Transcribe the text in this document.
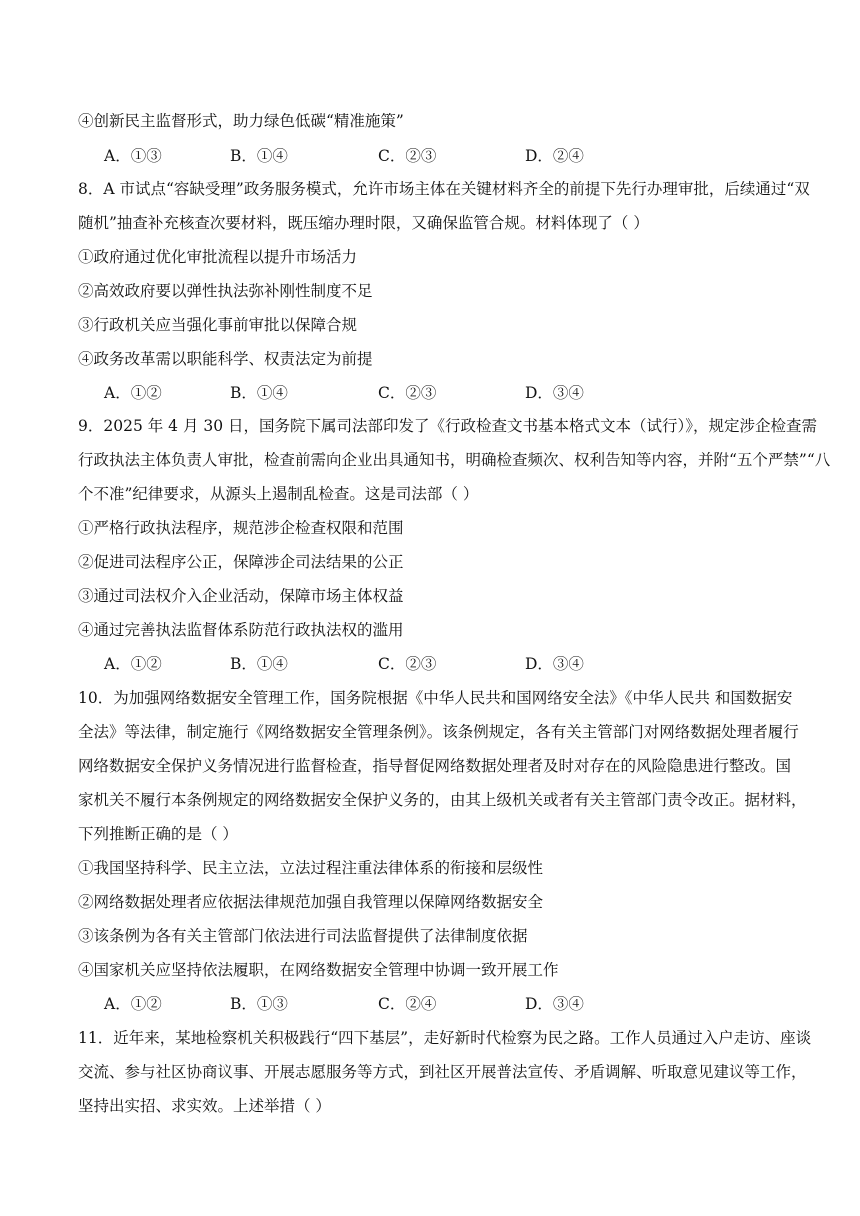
④创新民主监督形式，助力绿色低碳“精准施策”
A．①③	B．①④	C．②③	D．②④
8．A 市试点“容缺受理”政务服务模式，允许市场主体在关键材料齐全的前提下先行办理审批，后续通过“双
随机”抽查补充核查次要材料，既压缩办理时限，又确保监管合规。材料体现了（ ）
①政府通过优化审批流程以提升市场活力
②高效政府要以弹性执法弥补刚性制度不足
③行政机关应当强化事前审批以保障合规
④政务改革需以职能科学、权责法定为前提
A．①②	B．①④	C．②③	D．③④
9．2025 年 4 月 30 日，国务院下属司法部印发了《行政检查文书基本格式文本（试行）》，规定涉企检查需
行政执法主体负责人审批，检查前需向企业出具通知书，明确检查频次、权利告知等内容，并附“五个严禁”“八
个不准”纪律要求，从源头上遏制乱检查。这是司法部（ ）
①严格行政执法程序，规范涉企检查权限和范围
②促进司法程序公正，保障涉企司法结果的公正
③通过司法权介入企业活动，保障市场主体权益
④通过完善执法监督体系防范行政执法权的滥用
A．①②	B．①④	C．②③	D．③④
10．为加强网络数据安全管理工作，国务院根据《中华人民共和国网络安全法》《中华人民共 和国数据安
全法》等法律，制定施行《网络数据安全管理条例》。该条例规定，各有关主管部门对网络数据处理者履行
网络数据安全保护义务情况进行监督检查，指导督促网络数据处理者及时对存在的风险隐患进行整改。国
家机关不履行本条例规定的网络数据安全保护义务的，由其上级机关或者有关主管部门责令改正。据材料，
下列推断正确的是（ ）
①我国坚持科学、民主立法，立法过程注重法律体系的衔接和层级性
②网络数据处理者应依据法律规范加强自我管理以保障网络数据安全
③该条例为各有关主管部门依法进行司法监督提供了法律制度依据
④国家机关应坚持依法履职，在网络数据安全管理中协调一致开展工作
A．①②	B．①③	C．②④	D．③④
11．近年来，某地检察机关积极践行“四下基层”，走好新时代检察为民之路。工作人员通过入户走访、座谈
交流、参与社区协商议事、开展志愿服务等方式，到社区开展普法宣传、矛盾调解、听取意见建议等工作，
坚持出实招、求实效。上述举措（ ）
